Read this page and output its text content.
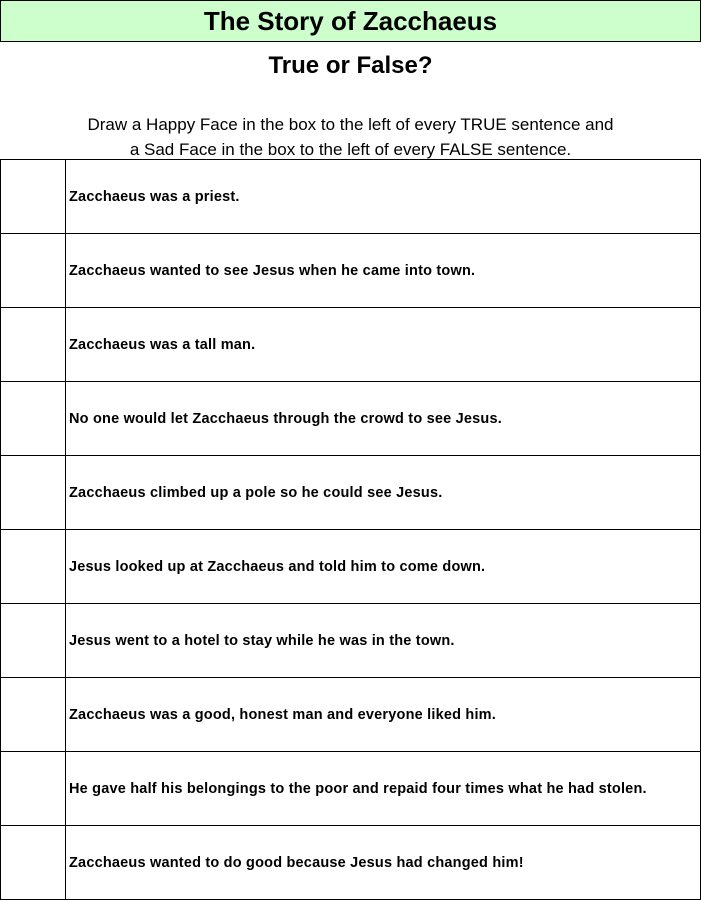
The Story of Zacchaeus
True or False?
Draw a Happy Face in the box to the left of every TRUE sentence and
a Sad Face in the box to the left of every FALSE sentence.
Zacchaeus was a priest.
Zacchaeus wanted to see Jesus when he came into town.
Zacchaeus was a tall man.
No one would let Zacchaeus through the crowd to see Jesus.
Zacchaeus climbed up a pole so he could see Jesus.
Jesus looked up at Zacchaeus and told him to come down.
Jesus went to a hotel to stay while he was in the town.
Zacchaeus was a good, honest man and everyone liked him.
He gave half his belongings to the poor and repaid four times what he had stolen.
Zacchaeus wanted to do good because Jesus had changed him!
